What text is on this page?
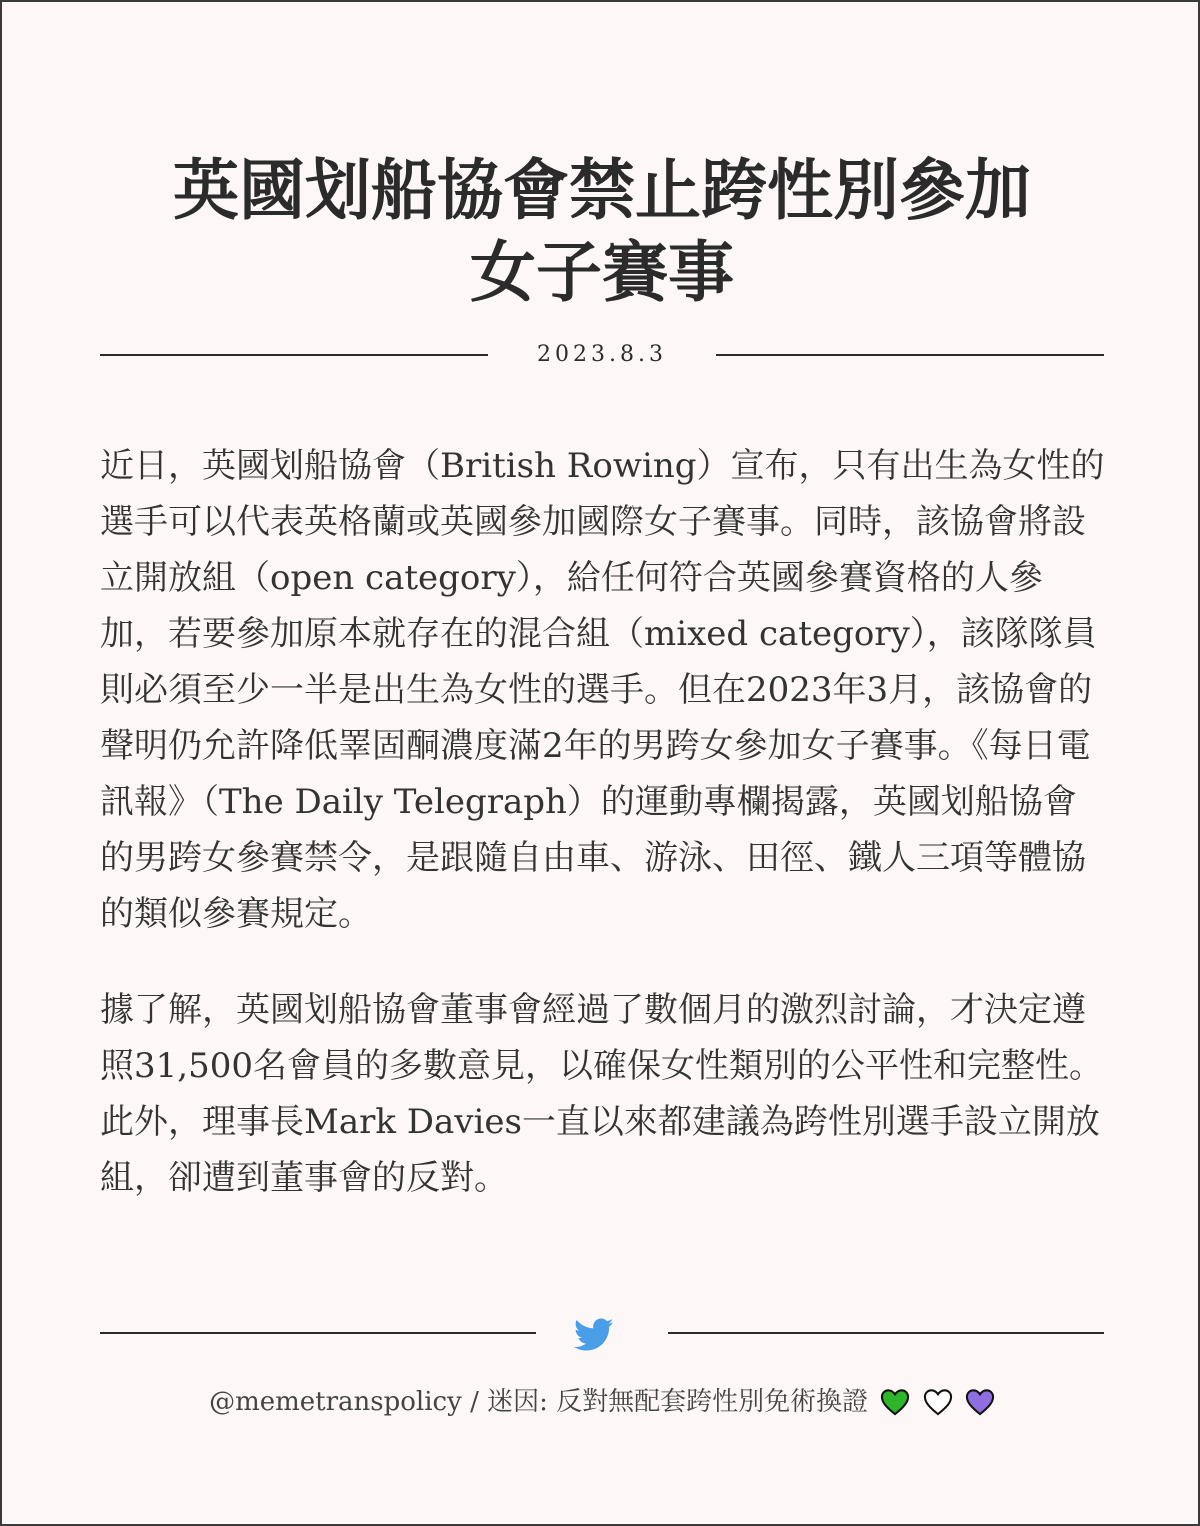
英國划船協會禁止跨性別參加
女子賽事
2023.8.3

近日，英國划船協會（British Rowing）宣布，只有出生為女性的選手可以代表英格蘭或英國參加國際女子賽事。同時，該協會將設立開放組（open category），給任何符合英國參賽資格的人參加，若要參加原本就存在的混合組（mixed category），該隊隊員則必須至少一半是出生為女性的選手。但在2023年3月，該協會的聲明仍允許降低睪固酮濃度滿2年的男跨女參加女子賽事。《每日電訊報》（The Daily Telegraph）的運動專欄揭露，英國划船協會的男跨女參賽禁令，是跟隨自由車、游泳、田徑、鐵人三項等體協的類似參賽規定。

據了解，英國划船協會董事會經過了數個月的激烈討論，才決定遵照31,500名會員的多數意見，以確保女性類別的公平性和完整性。此外，理事長Mark Davies一直以來都建議為跨性別選手設立開放組，卻遭到董事會的反對。

@memetranspolicy / 迷因: 反對無配套跨性別免術換證
